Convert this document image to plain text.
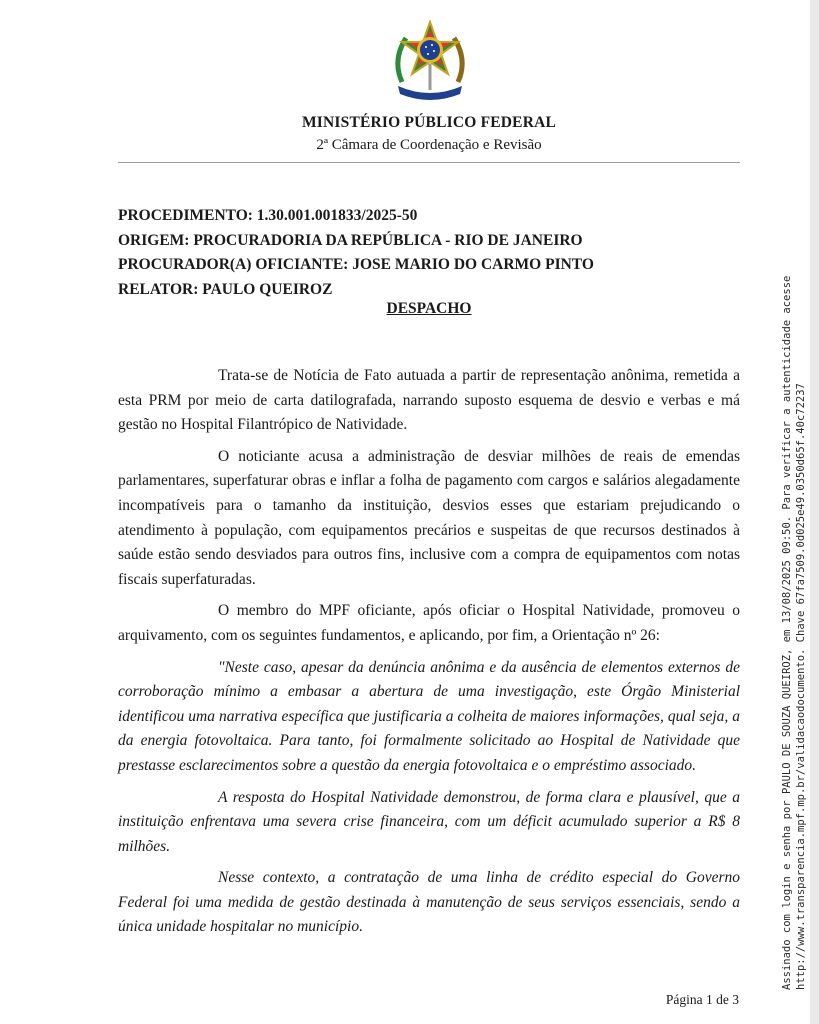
MINISTÉRIO PÚBLICO FEDERAL
2ª Câmara de Coordenação e Revisão
PROCEDIMENTO: 1.30.001.001833/2025-50
ORIGEM: PROCURADORIA DA REPÚBLICA - RIO DE JANEIRO
PROCURADOR(A) OFICIANTE: JOSE MARIO DO CARMO PINTO
RELATOR: PAULO QUEIROZ
DESPACHO

Trata-se de Notícia de Fato autuada a partir de representação anônima, remetida a esta PRM por meio de carta datilografada, narrando suposto esquema de desvio e verbas e má gestão no Hospital Filantrópico de Natividade.

O noticiante acusa a administração de desviar milhões de reais de emendas parlamentares, superfaturar obras e inflar a folha de pagamento com cargos e salários alegadamente incompatíveis para o tamanho da instituição, desvios esses que estariam prejudicando o atendimento à população, com equipamentos precários e suspeitas de que recursos destinados à saúde estão sendo desviados para outros fins, inclusive com a compra de equipamentos com notas fiscais superfaturadas.

O membro do MPF oficiante, após oficiar o Hospital Natividade, promoveu o arquivamento, com os seguintes fundamentos, e aplicando, por fim, a Orientação nº 26:

"Neste caso, apesar da denúncia anônima e da ausência de elementos externos de corroboração mínimo a embasar a abertura de uma investigação, este Órgão Ministerial identificou uma narrativa específica que justificaria a colheita de maiores informações, qual seja, a da energia fotovoltaica. Para tanto, foi formalmente solicitado ao Hospital de Natividade que prestasse esclarecimentos sobre a questão da energia fotovoltaica e o empréstimo associado.

A resposta do Hospital Natividade demonstrou, de forma clara e plausível, que a instituição enfrentava uma severa crise financeira, com um déficit acumulado superior a R$ 8 milhões.

Nesse contexto, a contratação de uma linha de crédito especial do Governo Federal foi uma medida de gestão destinada à manutenção de seus serviços essenciais, sendo a única unidade hospitalar no município.

Página 1 de 3
Assinado com login e senha por PAULO DE SOUZA QUEIROZ, em 13/08/2025 09:50. Para verificar a autenticidade acesse http://www.transparencia.mpf.mp.br/validacaodocumento. Chave 67fa7509.0d025e49.0350d65f.40c72237
